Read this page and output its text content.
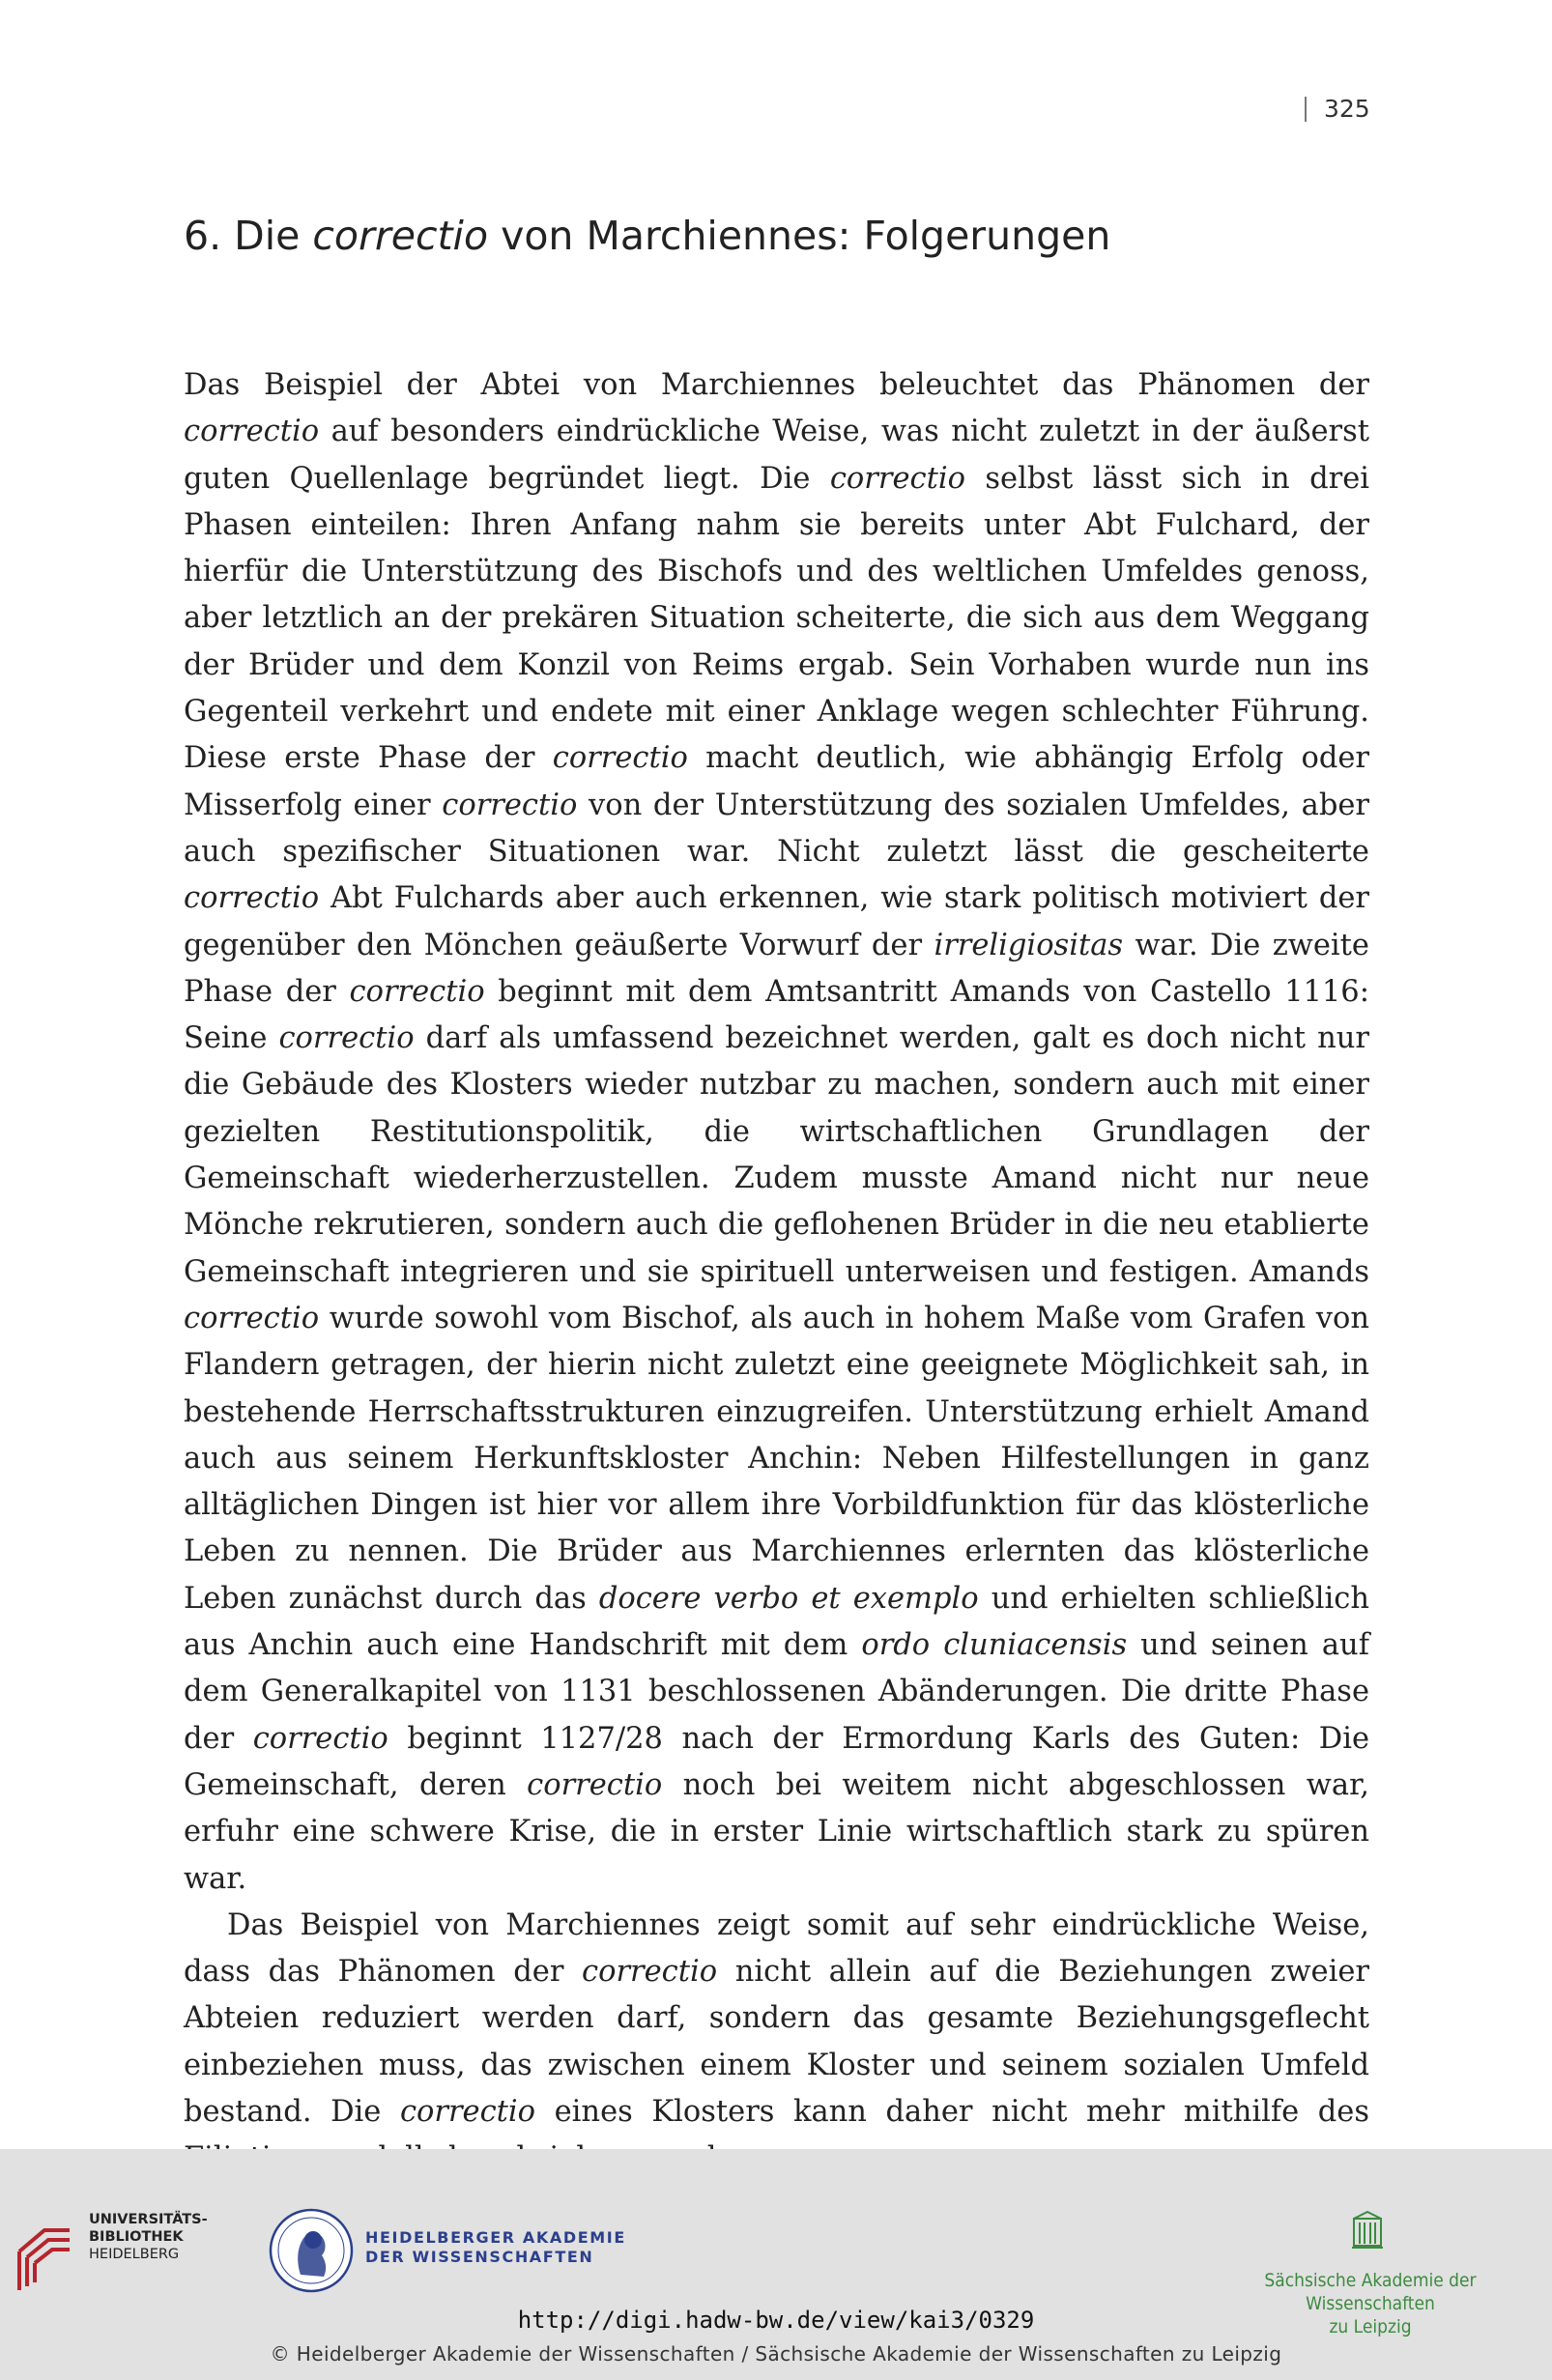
325
6. Die correctio von Marchiennes: Folgerungen

Das Beispiel der Abtei von Marchiennes beleuchtet das Phänomen der correctio auf besonders eindrückliche Weise, was nicht zuletzt in der äußerst guten Quellenlage begründet liegt. Die correctio selbst lässt sich in drei Phasen einteilen: Ihren Anfang nahm sie bereits unter Abt Fulchard, der hierfür die Unterstützung des Bischofs und des weltlichen Umfeldes genoss, aber letztlich an der prekären Situation scheiterte, die sich aus dem Weggang der Brüder und dem Konzil von Reims ergab. Sein Vorhaben wurde nun ins Gegenteil verkehrt und endete mit einer Anklage wegen schlechter Führung. Diese erste Phase der correctio macht deutlich, wie abhängig Erfolg oder Misserfolg einer correctio von der Unterstützung des sozialen Umfeldes, aber auch spezifischer Situationen war. Nicht zuletzt lässt die gescheiterte correctio Abt Fulchards aber auch erkennen, wie stark politisch motiviert der gegenüber den Mönchen geäußerte Vorwurf der irreligiositas war. Die zweite Phase der correctio beginnt mit dem Amtsantritt Amands von Castello 1116: Seine correctio darf als umfassend bezeichnet werden, galt es doch nicht nur die Gebäude des Klosters wieder nutzbar zu machen, sondern auch mit einer gezielten Restitutionspolitik, die wirtschaftlichen Grundlagen der Gemeinschaft wiederherzustellen. Zudem musste Amand nicht nur neue Mönche rekrutieren, sondern auch die geflohenen Brüder in die neu etablierte Gemeinschaft integrieren und sie spirituell unterweisen und festigen. Amands correctio wurde sowohl vom Bischof, als auch in hohem Maße vom Grafen von Flandern getragen, der hierin nicht zuletzt eine geeignete Möglichkeit sah, in bestehende Herrschaftsstrukturen einzugreifen. Unterstützung erhielt Amand auch aus seinem Herkunftskloster Anchin: Neben Hilfestellungen in ganz alltäglichen Dingen ist hier vor allem ihre Vorbildfunktion für das klösterliche Leben zu nennen. Die Brüder aus Marchiennes erlernten das klösterliche Leben zunächst durch das docere verbo et exemplo und erhielten schließlich aus Anchin auch eine Handschrift mit dem ordo cluniacensis und seinen auf dem Generalkapitel von 1131 beschlossenen Abänderungen. Die dritte Phase der correctio beginnt 1127/28 nach der Ermordung Karls des Guten: Die Gemeinschaft, deren correctio noch bei weitem nicht abgeschlossen war, erfuhr eine schwere Krise, die in erster Linie wirtschaftlich stark zu spüren war.

Das Beispiel von Marchiennes zeigt somit auf sehr eindrückliche Weise, dass das Phänomen der correctio nicht allein auf die Beziehungen zweier Abteien reduziert werden darf, sondern das gesamte Beziehungsgeflecht einbeziehen muss, das zwischen einem Kloster und seinem sozialen Umfeld bestand. Die correctio eines Klosters kann daher nicht mehr mithilfe des

UNIVERSITÄTS-
BIBLIOTHEK
HEIDELBERG
HEIDELBERGER AKADEMIE
DER WISSENSCHAFTEN
Sächsische Akademie der Wissenschaften
zu Leipzig
http://digi.hadw-bw.de/view/kai3/0329
© Heidelberger Akademie der Wissenschaften / Sächsische Akademie der Wissenschaften zu Leipzig
